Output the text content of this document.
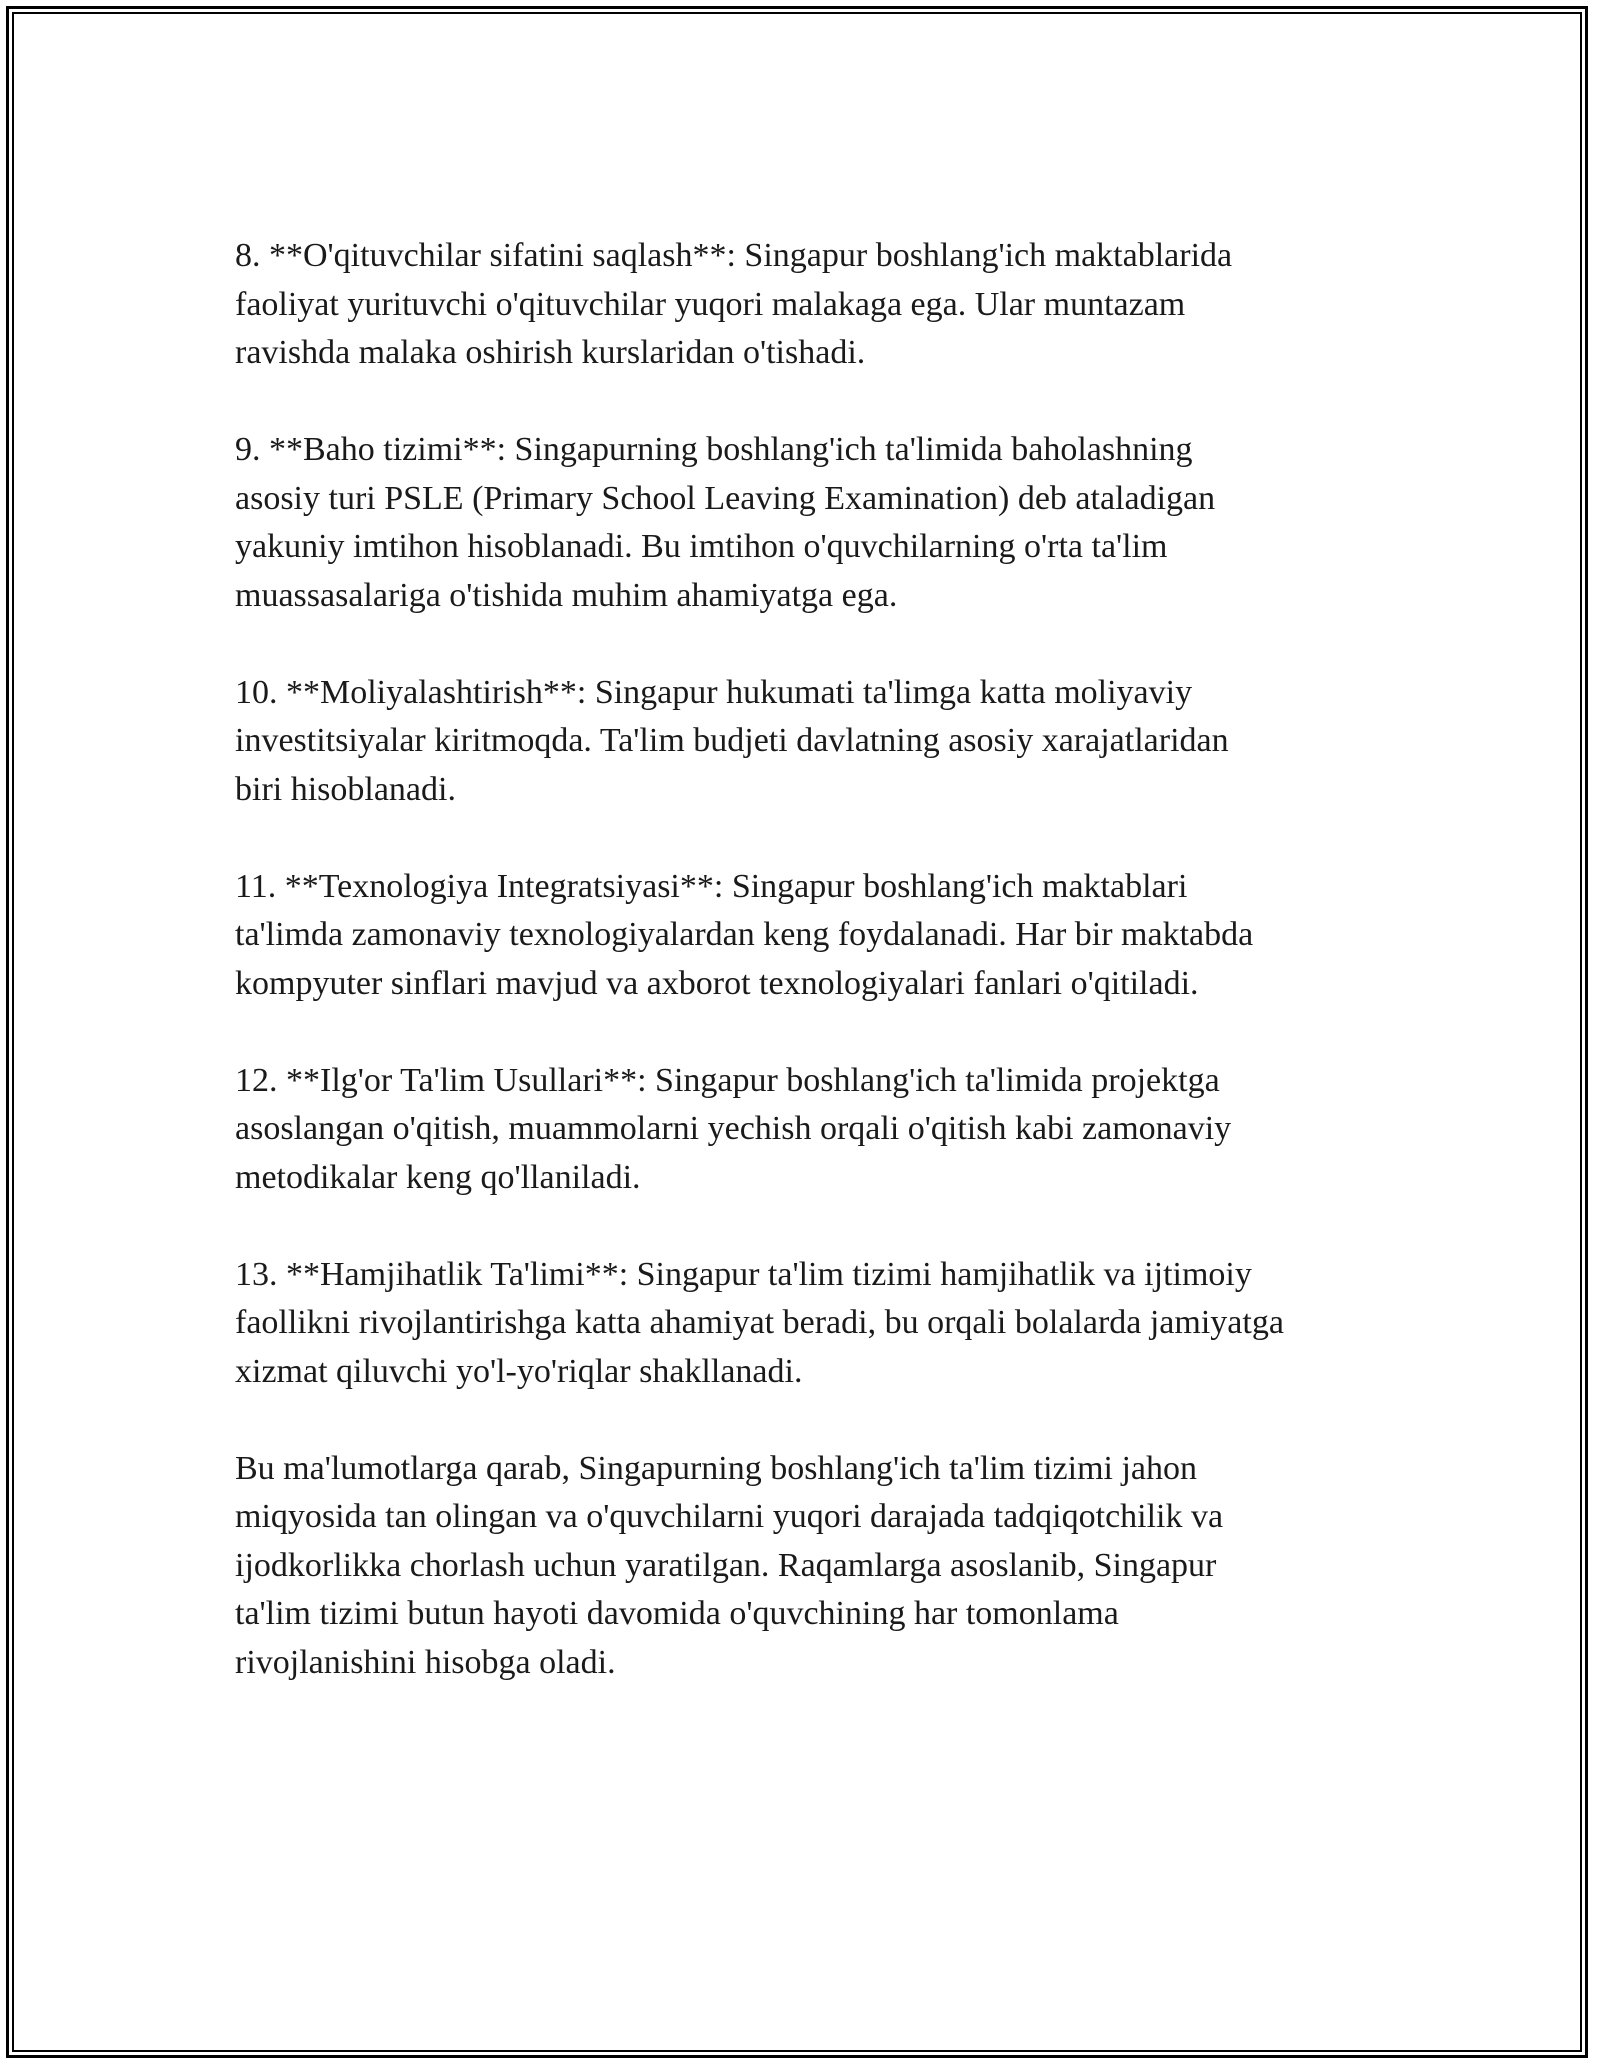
8. **O'qituvchilar sifatini saqlash**: Singapur boshlang'ich maktablarida
faoliyat yurituvchi o'qituvchilar yuqori malakaga ega. Ular muntazam
ravishda malaka oshirish kurslaridan o'tishadi.

9. **Baho tizimi**: Singapurning boshlang'ich ta'limida baholashning
asosiy turi PSLE (Primary School Leaving Examination) deb ataladigan
yakuniy imtihon hisoblanadi. Bu imtihon o'quvchilarning o'rta ta'lim
muassasalariga o'tishida muhim ahamiyatga ega.

10. **Moliyalashtirish**: Singapur hukumati ta'limga katta moliyaviy
investitsiyalar kiritmoqda. Ta'lim budjeti davlatning asosiy xarajatlaridan
biri hisoblanadi.

11. **Texnologiya Integratsiyasi**: Singapur boshlang'ich maktablari
ta'limda zamonaviy texnologiyalardan keng foydalanadi. Har bir maktabda
kompyuter sinflari mavjud va axborot texnologiyalari fanlari o'qitiladi.

12. **Ilg'or Ta'lim Usullari**: Singapur boshlang'ich ta'limida projektga
asoslangan o'qitish, muammolarni yechish orqali o'qitish kabi zamonaviy
metodikalar keng qo'llaniladi.

13. **Hamjihatlik Ta'limi**: Singapur ta'lim tizimi hamjihatlik va ijtimoiy
faollikni rivojlantirishga katta ahamiyat beradi, bu orqali bolalarda jamiyatga
xizmat qiluvchi yo'l-yo'riqlar shakllanadi.

Bu ma'lumotlarga qarab, Singapurning boshlang'ich ta'lim tizimi jahon
miqyosida tan olingan va o'quvchilarni yuqori darajada tadqiqotchilik va
ijodkorlikka chorlash uchun yaratilgan. Raqamlarga asoslanib, Singapur
ta'lim tizimi butun hayoti davomida o'quvchining har tomonlama
rivojlanishini hisobga oladi.
